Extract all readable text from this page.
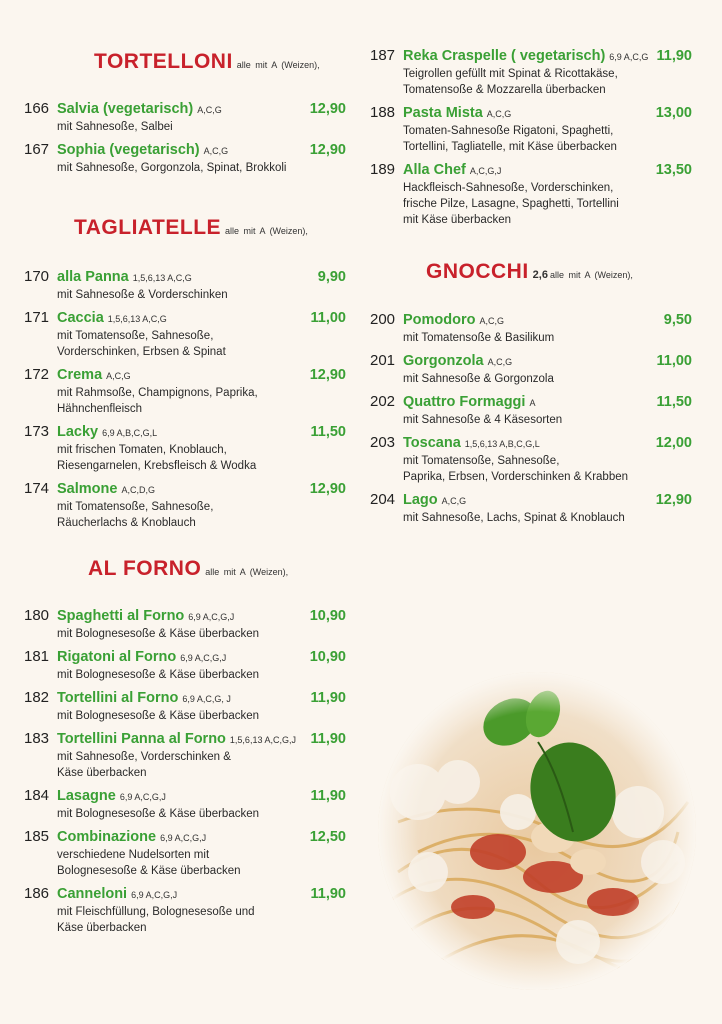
TORTELLONI alle mit A (Weizen),
166 Salvia (vegetarisch) A,C,G	12,90
mit Sahnesoße, Salbei
167 Sophia (vegetarisch) A,C,G	12,90
mit Sahnesoße, Gorgonzola, Spinat, Brokkoli
TAGLIATELLE alle mit A (Weizen),
170 alla Panna 1,5,6,13 A,C,G	9,90
mit Sahnesoße & Vorderschinken
171 Caccia 1,5,6,13 A,C,G	11,00
mit Tomatensoße, Sahnesoße,
Vorderschinken, Erbsen & Spinat
172 Crema A,C,G	12,90
mit Rahmsoße, Champignons, Paprika,
Hähnchenfleisch
173 Lacky 6,9 A,B,C,G,L	11,50
mit frischen Tomaten, Knoblauch,
Riesengarnelen, Krebsfleisch & Wodka
174 Salmone A,C,D,G	12,90
mit Tomatensoße, Sahnesoße,
Räucherlachs & Knoblauch
AL FORNO alle mit A (Weizen),
180 Spaghetti al Forno 6,9 A,C,G,J	10,90
mit Bolognesesoße & Käse überbacken
181 Rigatoni al Forno 6,9 A,C,G,J	10,90
mit Bolognesesoße & Käse überbacken
182 Tortellini al Forno 6,9 A,C,G, J	11,90
mit Bolognesesoße & Käse überbacken
183 Tortellini Panna al Forno 1,5,6,13 A,C,G,J 11,90
mit Sahnesoße, Vorderschinken &
Käse überbacken
184 Lasagne 6,9 A,C,G,J	11,90
mit Bolognesesoße & Käse überbacken
185 Combinazione 6,9 A,C,G,J	12,50
verschiedene Nudelsorten mit
Bolognesesoße & Käse überbacken
186 Canneloni 6,9 A,C,G,J	11,90
mit Fleischfüllung, Bolognesesoße und
Käse überbacken
187 Reka Craspelle ( vegetarisch) 6,9 A,C,G 11,90
Teigrollen gefüllt mit Spinat & Ricottakäse,
Tomatensoße & Mozzarella überbacken
188 Pasta Mista A,C,G	13,00
Tomaten-Sahnesoße Rigatoni, Spaghetti,
Tortellini, Tagliatelle, mit Käse überbacken
189 Alla Chef A,C,G,J	13,50
Hackfleisch-Sahnesoße, Vorderschinken,
frische Pilze, Lasagne, Spaghetti, Tortellini
mit Käse überbacken
GNOCCHI 2,6 alle mit A (Weizen),
200 Pomodoro A,C,G	9,50
mit Tomatensoße & Basilikum
201 Gorgonzola A,C,G	11,00
mit Sahnesoße & Gorgonzola
202 Quattro Formaggi A	11,50
mit Sahnesoße & 4 Käsesorten
203 Toscana 1,5,6,13 A,B,C,G,L	12,00
mit Tomatensoße, Sahnesoße,
Paprika, Erbsen, Vorderschinken & Krabben
204 Lago A,C,G	12,90
mit Sahnesoße, Lachs, Spinat & Knoblauch
